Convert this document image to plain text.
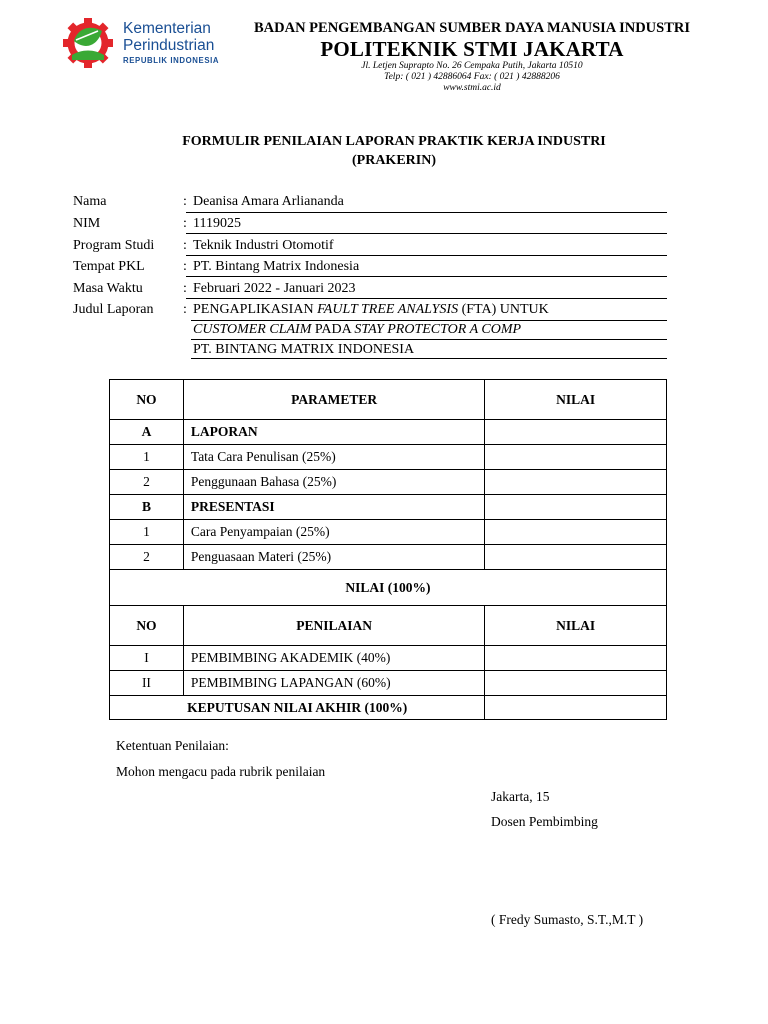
Kementerian
Perindustrian
REPUBLIK INDONESIA
BADAN PENGEMBANGAN SUMBER DAYA MANUSIA INDUSTRI
POLITEKNIK STMI JAKARTA
Jl. Letjen Suprapto No. 26 Cempaka Putih, Jakarta 10510
Telp: ( 021 ) 42886064 Fax: ( 021 ) 42888206
www.stmi.ac.id
FORMULIR PENILAIAN LAPORAN PRAKTIK KERJA INDUSTRI
(PRAKERIN)
Nama	: Deanisa Amara Arliananda
NIM	: 1119025
Program Studi : Teknik Industri Otomotif
Tempat PKL	: PT. Bintang Matrix Indonesia
Masa Waktu	: Februari 2022 - Januari 2023
Judul Laporan : PENGAPLIKASIAN FAULT TREE ANALYSIS (FTA) UNTUK
CUSTOMER CLAIM PADA STAY PROTECTOR A COMP
PT. BINTANG MATRIX INDONESIA
NO	PARAMETER	NILAI
A	LAPORAN	
1	Tata Cara Penulisan (25%)	
2	Penggunaan Bahasa (25%)	
B	PRESENTASI	
1	Cara Penyampaian (25%)	
2	Penguasaan Materi (25%)	
NILAI (100%)		
NO	PENILAIAN	NILAI
I	PEMBIMBING AKADEMIK (40%)	
II	PEMBIMBING LAPANGAN (60%)	
KEPUTUSAN NILAI AKHIR (100%)		
Ketentuan Penilaian:
Mohon mengacu pada rubrik penilaian
Jakarta, 15
Dosen Pembimbing
( Fredy Sumasto, S.T.,M.T )
